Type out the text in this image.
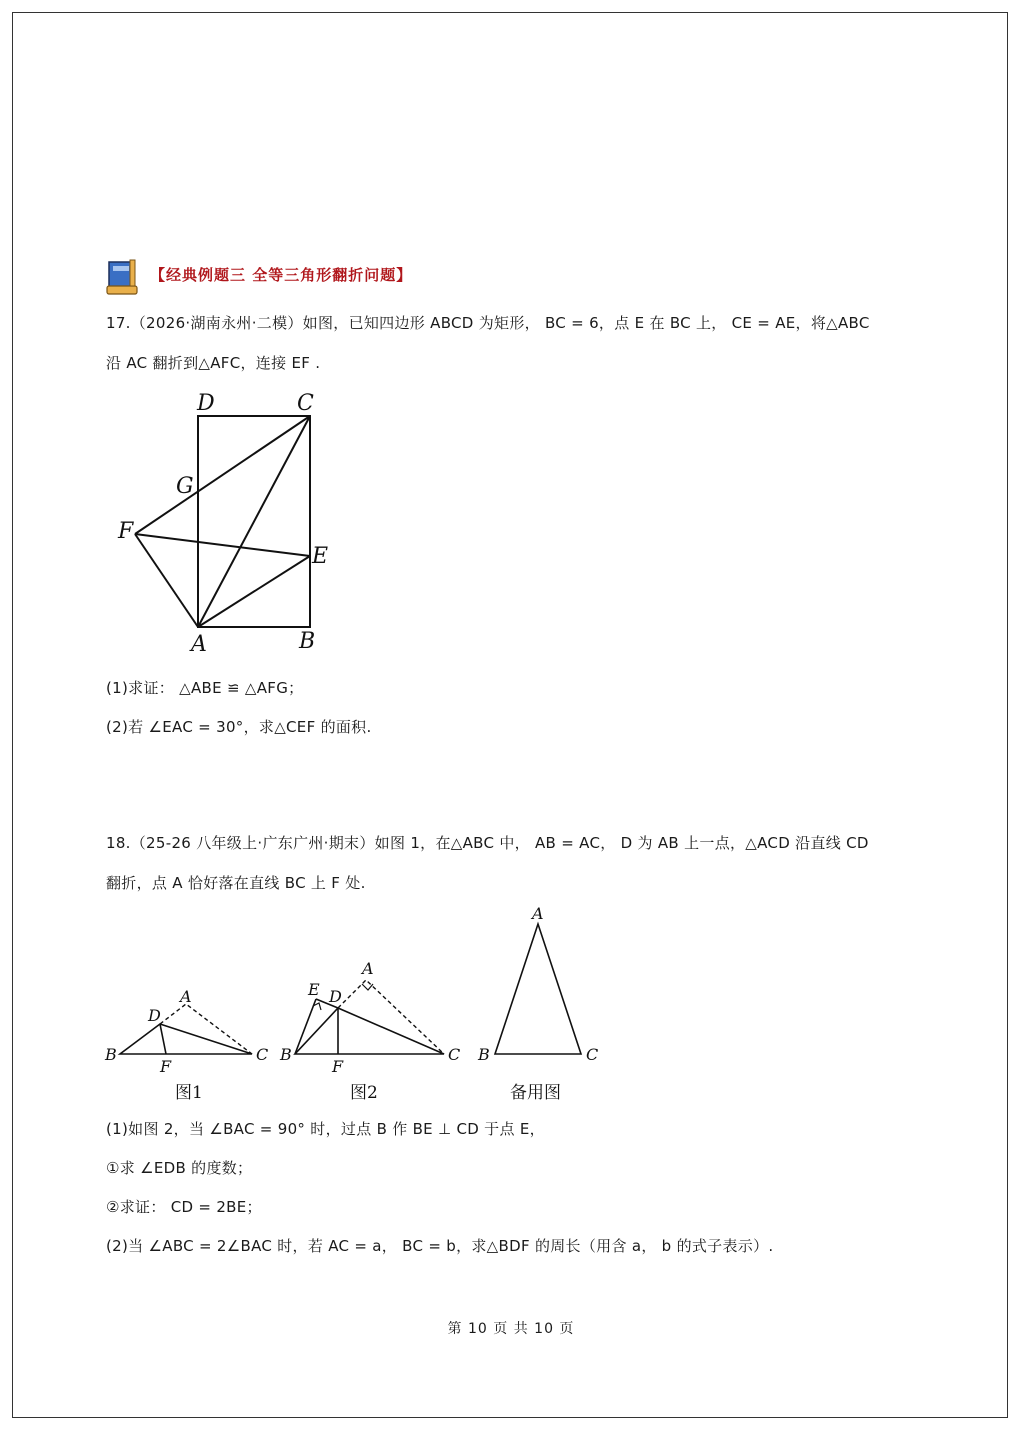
【经典例题三 全等三角形翻折问题】
17.（2026·湖南永州·二模）如图，已知四边形 ABCD 为矩形， BC = 6，点 E 在 BC 上， CE = AE，将△ABC
沿 AC 翻折到△AFC，连接 EF .
D	C
G
F
E
A	B
(1)求证： △ABE ≌ △AFG；
(2)若 ∠EAC = 30°，求△CEF 的面积.
18.（25-26 八年级上·广东广州·期末）如图 1，在△ABC 中， AB = AC， D 为 AB 上一点，△ACD 沿直线 CD
翻折，点 A 恰好落在直线 BC 上 F 处.
A
D
B
F
C
图1
A
E D
B
F
C
图2
A
B	C
备用图
(1)如图 2，当 ∠BAC = 90° 时，过点 B 作 BE ⊥ CD 于点 E，
①求 ∠EDB 的度数；
②求证： CD = 2BE；
(2)当 ∠ABC = 2∠BAC 时，若 AC = a， BC = b，求△BDF 的周长（用含 a， b 的式子表示）.
第 10 页 共 10 页
